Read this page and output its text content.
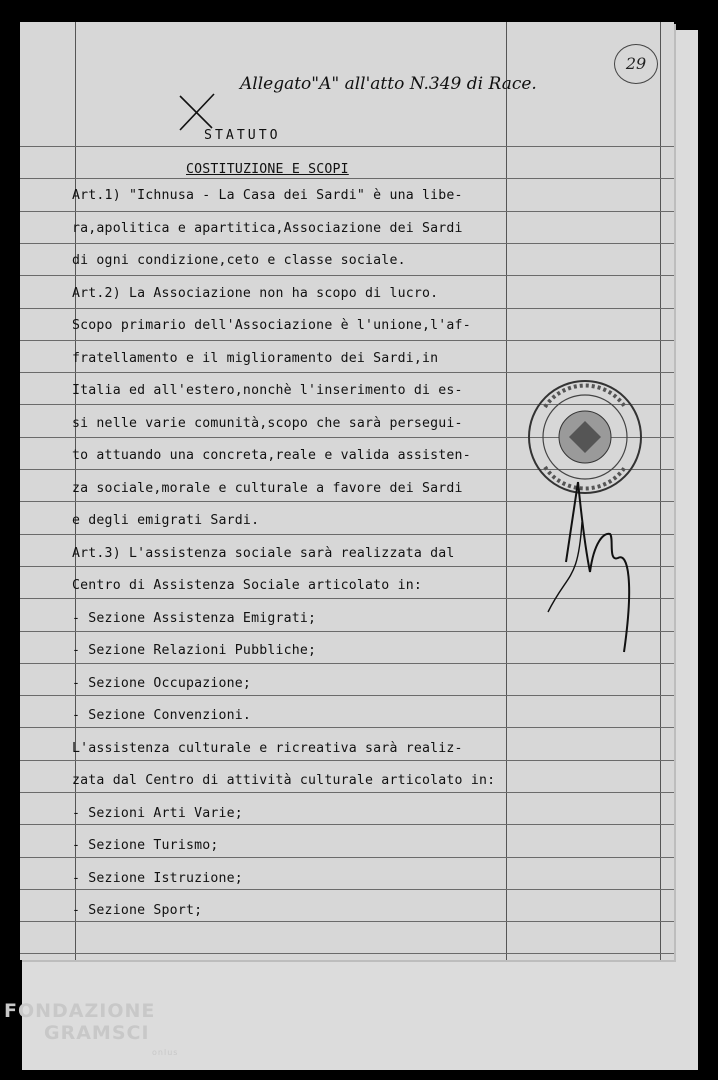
Allegato"A" all'atto N.349 di Race.
29
STATUTO
COSTITUZIONE E SCOPI
Art.1) "Ichnusa - La Casa dei Sardi" è una libe-
ra,apolitica e apartitica,Associazione dei Sardi
di ogni condizione,ceto e classe sociale.
Art.2) La Associazione non ha scopo di lucro.
Scopo primario dell'Associazione è l'unione,l'af-
fratellamento e il miglioramento dei Sardi,in
Italia ed all'estero,nonchè l'inserimento di es-
si nelle varie comunità,scopo che sarà persegui-
to attuando una concreta,reale e valida assisten-
za sociale,morale e culturale a favore dei Sardi
e degli emigrati Sardi.
Art.3) L'assistenza sociale sarà realizzata dal
Centro di Assistenza Sociale articolato in:
- Sezione Assistenza Emigrati;
- Sezione Relazioni Pubbliche;
- Sezione Occupazione;
- Sezione Convenzioni.
L'assistenza culturale e ricreativa sarà realiz-
zata dal Centro di attività culturale articolato in:
- Sezioni Arti Varie;
- Sezione Turismo;
- Sezione Istruzione;
- Sezione Sport;
FONDAZIONE
GRAMSCI
onlus
